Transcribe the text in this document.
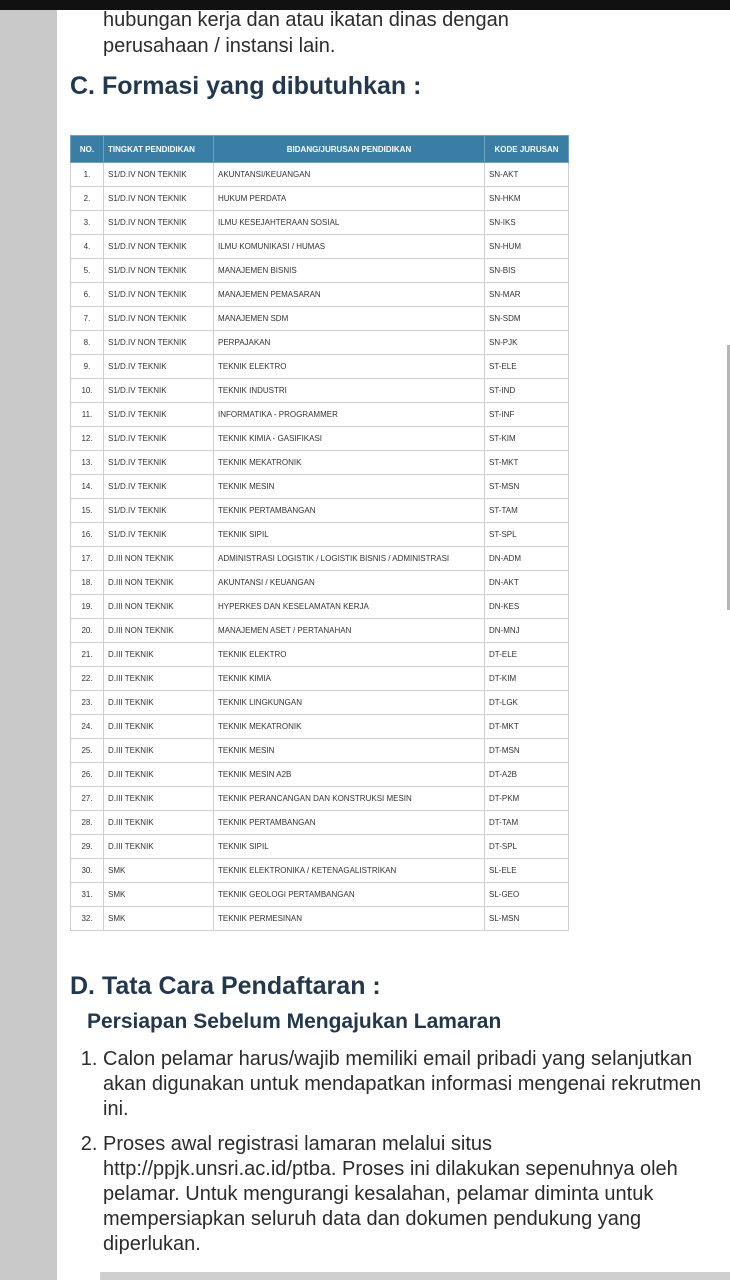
hubungan kerja dan atau ikatan dinas dengan
perusahaan / instansi lain.

C. Formasi yang dibutuhkan :
NO.	TINGKAT PENDIDIKAN	BIDANG/JURUSAN PENDIDIKAN	KODE JURUSAN
1.	S1/D.IV NON TEKNIK	AKUNTANSI/KEUANGAN	SN-AKT
2.	S1/D.IV NON TEKNIK	HUKUM PERDATA	SN-HKM
3.	S1/D.IV NON TEKNIK	ILMU KESEJAHTERAAN SOSIAL	SN-IKS
4.	S1/D.IV NON TEKNIK	ILMU KOMUNIKASI / HUMAS	SN-HUM
5.	S1/D.IV NON TEKNIK	MANAJEMEN BISNIS	SN-BIS
6.	S1/D.IV NON TEKNIK	MANAJEMEN PEMASARAN	SN-MAR
7.	S1/D.IV NON TEKNIK	MANAJEMEN SDM	SN-SDM
8.	S1/D.IV NON TEKNIK	PERPAJAKAN	SN-PJK
9.	S1/D.IV TEKNIK	TEKNIK ELEKTRO	ST-ELE
10.	S1/D.IV TEKNIK	TEKNIK INDUSTRI	ST-IND
11.	S1/D.IV TEKNIK	INFORMATIKA - PROGRAMMER	ST-INF
12.	S1/D.IV TEKNIK	TEKNIK KIMIA - GASIFIKASI	ST-KIM
13.	S1/D.IV TEKNIK	TEKNIK MEKATRONIK	ST-MKT
14.	S1/D.IV TEKNIK	TEKNIK MESIN	ST-MSN
15.	S1/D.IV TEKNIK	TEKNIK PERTAMBANGAN	ST-TAM
16.	S1/D.IV TEKNIK	TEKNIK SIPIL	ST-SPL
17.	D.III NON TEKNIK	ADMINISTRASI LOGISTIK / LOGISTIK BISNIS / ADMINISTRASI	DN-ADM
18.	D.III NON TEKNIK	AKUNTANSI / KEUANGAN	DN-AKT
19.	D.III NON TEKNIK	HYPERKES DAN KESELAMATAN KERJA	DN-KES
20.	D.III NON TEKNIK	MANAJEMEN ASET / PERTANAHAN	DN-MNJ
21.	D.III TEKNIK	TEKNIK ELEKTRO	DT-ELE
22.	D.III TEKNIK	TEKNIK KIMIA	DT-KIM
23.	D.III TEKNIK	TEKNIK LINGKUNGAN	DT-LGK
24.	D.III TEKNIK	TEKNIK MEKATRONIK	DT-MKT
25.	D.III TEKNIK	TEKNIK MESIN	DT-MSN
26.	D.III TEKNIK	TEKNIK MESIN A2B	DT-A2B
27.	D.III TEKNIK	TEKNIK PERANCANGAN DAN KONSTRUKSI MESIN	DT-PKM
28.	D.III TEKNIK	TEKNIK PERTAMBANGAN	DT-TAM
29.	D.III TEKNIK	TEKNIK SIPIL	DT-SPL
30.	SMK	TEKNIK ELEKTRONIKA / KETENAGALISTRIKAN	SL-ELE
31.	SMK	TEKNIK GEOLOGI PERTAMBANGAN	SL-GEO
32.	SMK	TEKNIK PERMESINAN	SL-MSN
D. Tata Cara Pendaftaran :
Persiapan Sebelum Mengajukan Lamaran
1. Calon pelamar harus/wajib memiliki email pribadi yang selanjutkan akan digunakan untuk mendapatkan informasi mengenai rekrutmen ini.
2. Proses awal registrasi lamaran melalui situs http://ppjk.unsri.ac.id/ptba. Proses ini dilakukan sepenuhnya oleh pelamar. Untuk mengurangi kesalahan, pelamar diminta untuk mempersiapkan seluruh data dan dokumen pendukung yang diperlukan.
